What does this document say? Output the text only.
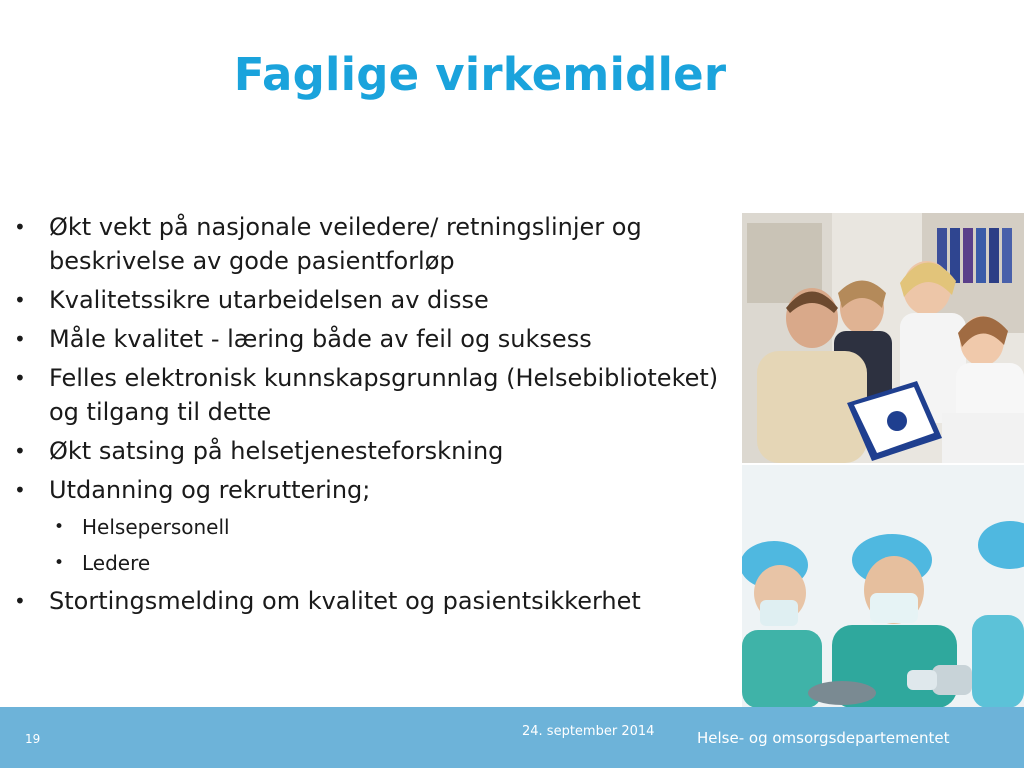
Faglige virkemidler
• Økt vekt på nasjonale veiledere/ retningslinjer og beskrivelse av gode pasientforløp
• Kvalitetssikre utarbeidelsen av disse
• Måle kvalitet - læring både av feil og suksess
• Felles elektronisk kunnskapsgrunnlag (Helsebiblioteket) og tilgang til dette
• Økt satsing på helsetjenesteforskning
• Utdanning og rekruttering;
• Helsepersonell
• Ledere
• Stortingsmelding om kvalitet og pasientsikkerhet
19	24. september 2014	Helse- og omsorgsdepartementet
